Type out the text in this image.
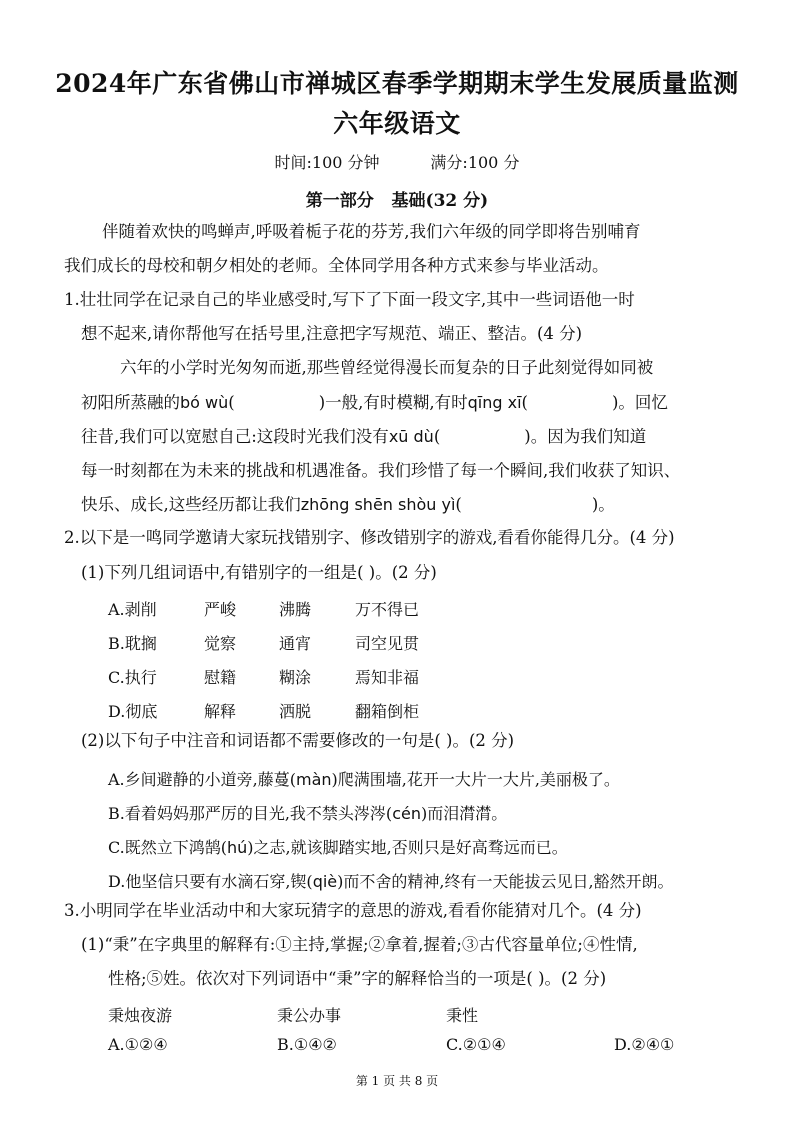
2024年广东省佛山市禅城区春季学期期末学生发展质量监测
六年级语文
时间:100 分钟	满分:100 分
第一部分   基础(32 分)
伴随着欢快的鸣蝉声,呼吸着栀子花的芬芳,我们六年级的同学即将告别哺育
我们成长的母校和朝夕相处的老师。全体同学用各种方式来参与毕业活动。
1.壮壮同学在记录自己的毕业感受时,写下了下面一段文字,其中一些词语他一时
想不起来,请你帮他写在括号里,注意把字写规范、端正、整洁。(4 分)
六年的小学时光匆匆而逝,那些曾经觉得漫长而复杂的日子此刻觉得如同被
初阳所蒸融的bó wù(	)一般,有时模糊,有时qīng xī(	)。回忆
往昔,我们可以宽慰自己:这段时光我们没有xū dù(	)。因为我们知道
每一时刻都在为未来的挑战和机遇准备。我们珍惜了每一个瞬间,我们收获了知识、
快乐、成长,这些经历都让我们zhōng shēn shòu yì(	)。
2.以下是一鸣同学邀请大家玩找错别字、修改错别字的游戏,看看你能得几分。(4 分)
(1)下列几组词语中,有错别字的一组是( )。(2 分)
A.剥削	严峻	沸腾	万不得已
B.耽搁	觉察	通宵	司空见贯
C.执行	慰籍	糊涂	焉知非福
D.彻底	解释	洒脱	翻箱倒柜
(2)以下句子中注音和词语都不需要修改的一句是( )。(2 分)
A.乡间避静的小道旁,藤蔓(màn)爬满围墙,花开一大片一大片,美丽极了。
B.看着妈妈那严厉的目光,我不禁头涔涔(cén)而泪潸潸。
C.既然立下鸿鹄(hú)之志,就该脚踏实地,否则只是好高骛远而已。
D.他坚信只要有水滴石穿,锲(qiè)而不舍的精神,终有一天能拔云见日,豁然开朗。
3.小明同学在毕业活动中和大家玩猜字的意思的游戏,看看你能猜对几个。(4 分)
(1)“秉”在字典里的解释有:①主持,掌握;②拿着,握着;③古代容量单位;④性情,
性格;⑤姓。依次对下列词语中“秉”字的解释恰当的一项是( )。(2 分)
秉烛夜游	秉公办事	秉性
A.①②④	B.①④②	C.②①④	D.②④①
第 1 页 共 8 页
